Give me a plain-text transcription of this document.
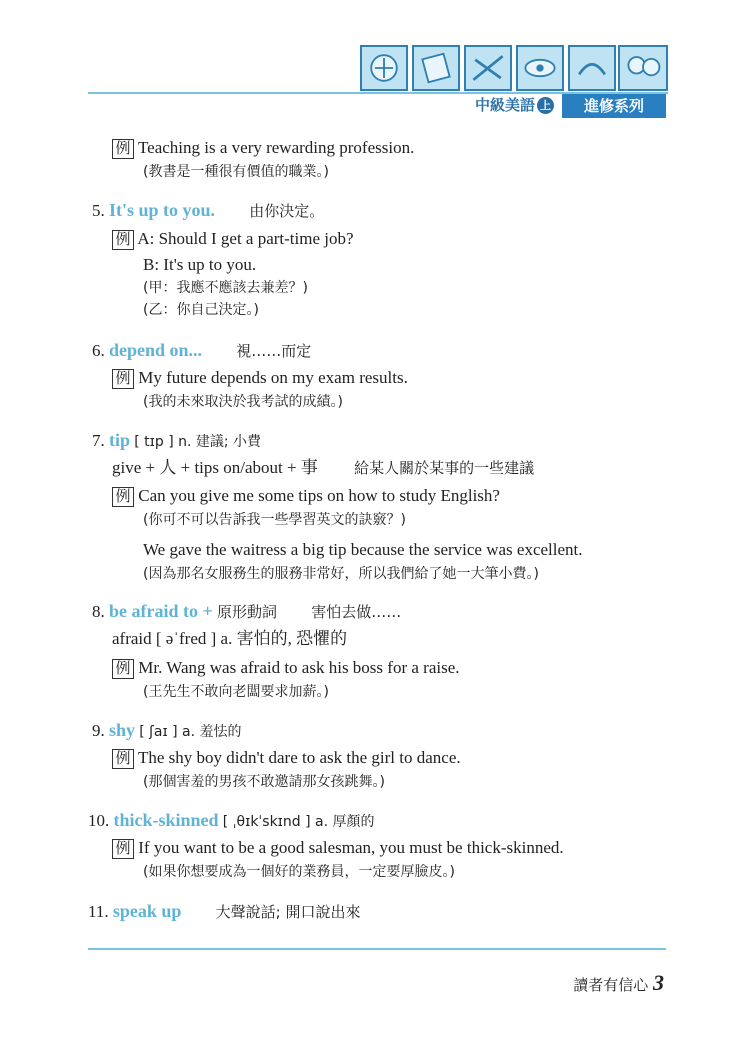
中級美語 上	進修系列
例 Teaching is a very rewarding profession.
(教書是一種很有價值的職業。)
5. It's up to you. 由你決定。
例 A: Should I get a part-time job?
B: It's up to you.
(甲：我應不應該去兼差？)
(乙：你自己決定。)
6. depend on... 視……而定
例 My future depends on my exam results.
(我的未來取決於我考試的成績。)
7. tip [ tɪp ] n. 建議; 小費
give + 人 + tips on/about + 事 給某人關於某事的一些建議
例 Can you give me some tips on how to study English?
(你可不可以告訴我一些學習英文的訣竅？)
We gave the waitress a big tip because the service was excellent.
(因為那名女服務生的服務非常好，所以我們給了她一大筆小費。)
8. be afraid to + 原形動詞 害怕去做……
afraid [ əˈfred ] a. 害怕的, 恐懼的
例 Mr. Wang was afraid to ask his boss for a raise.
(王先生不敢向老闆要求加薪。)
9. shy [ ʃaɪ ] a. 羞怯的
例 The shy boy didn't dare to ask the girl to dance.
(那個害羞的男孩不敢邀請那女孩跳舞。)
10. thick-skinned [ ˌθɪkˈskɪnd ] a. 厚顏的
例 If you want to be a good salesman, you must be thick-skinned.
(如果你想要成為一個好的業務員，一定要厚臉皮。)
11. speak up 大聲說話; 開口說出來
讀者有信心 3
